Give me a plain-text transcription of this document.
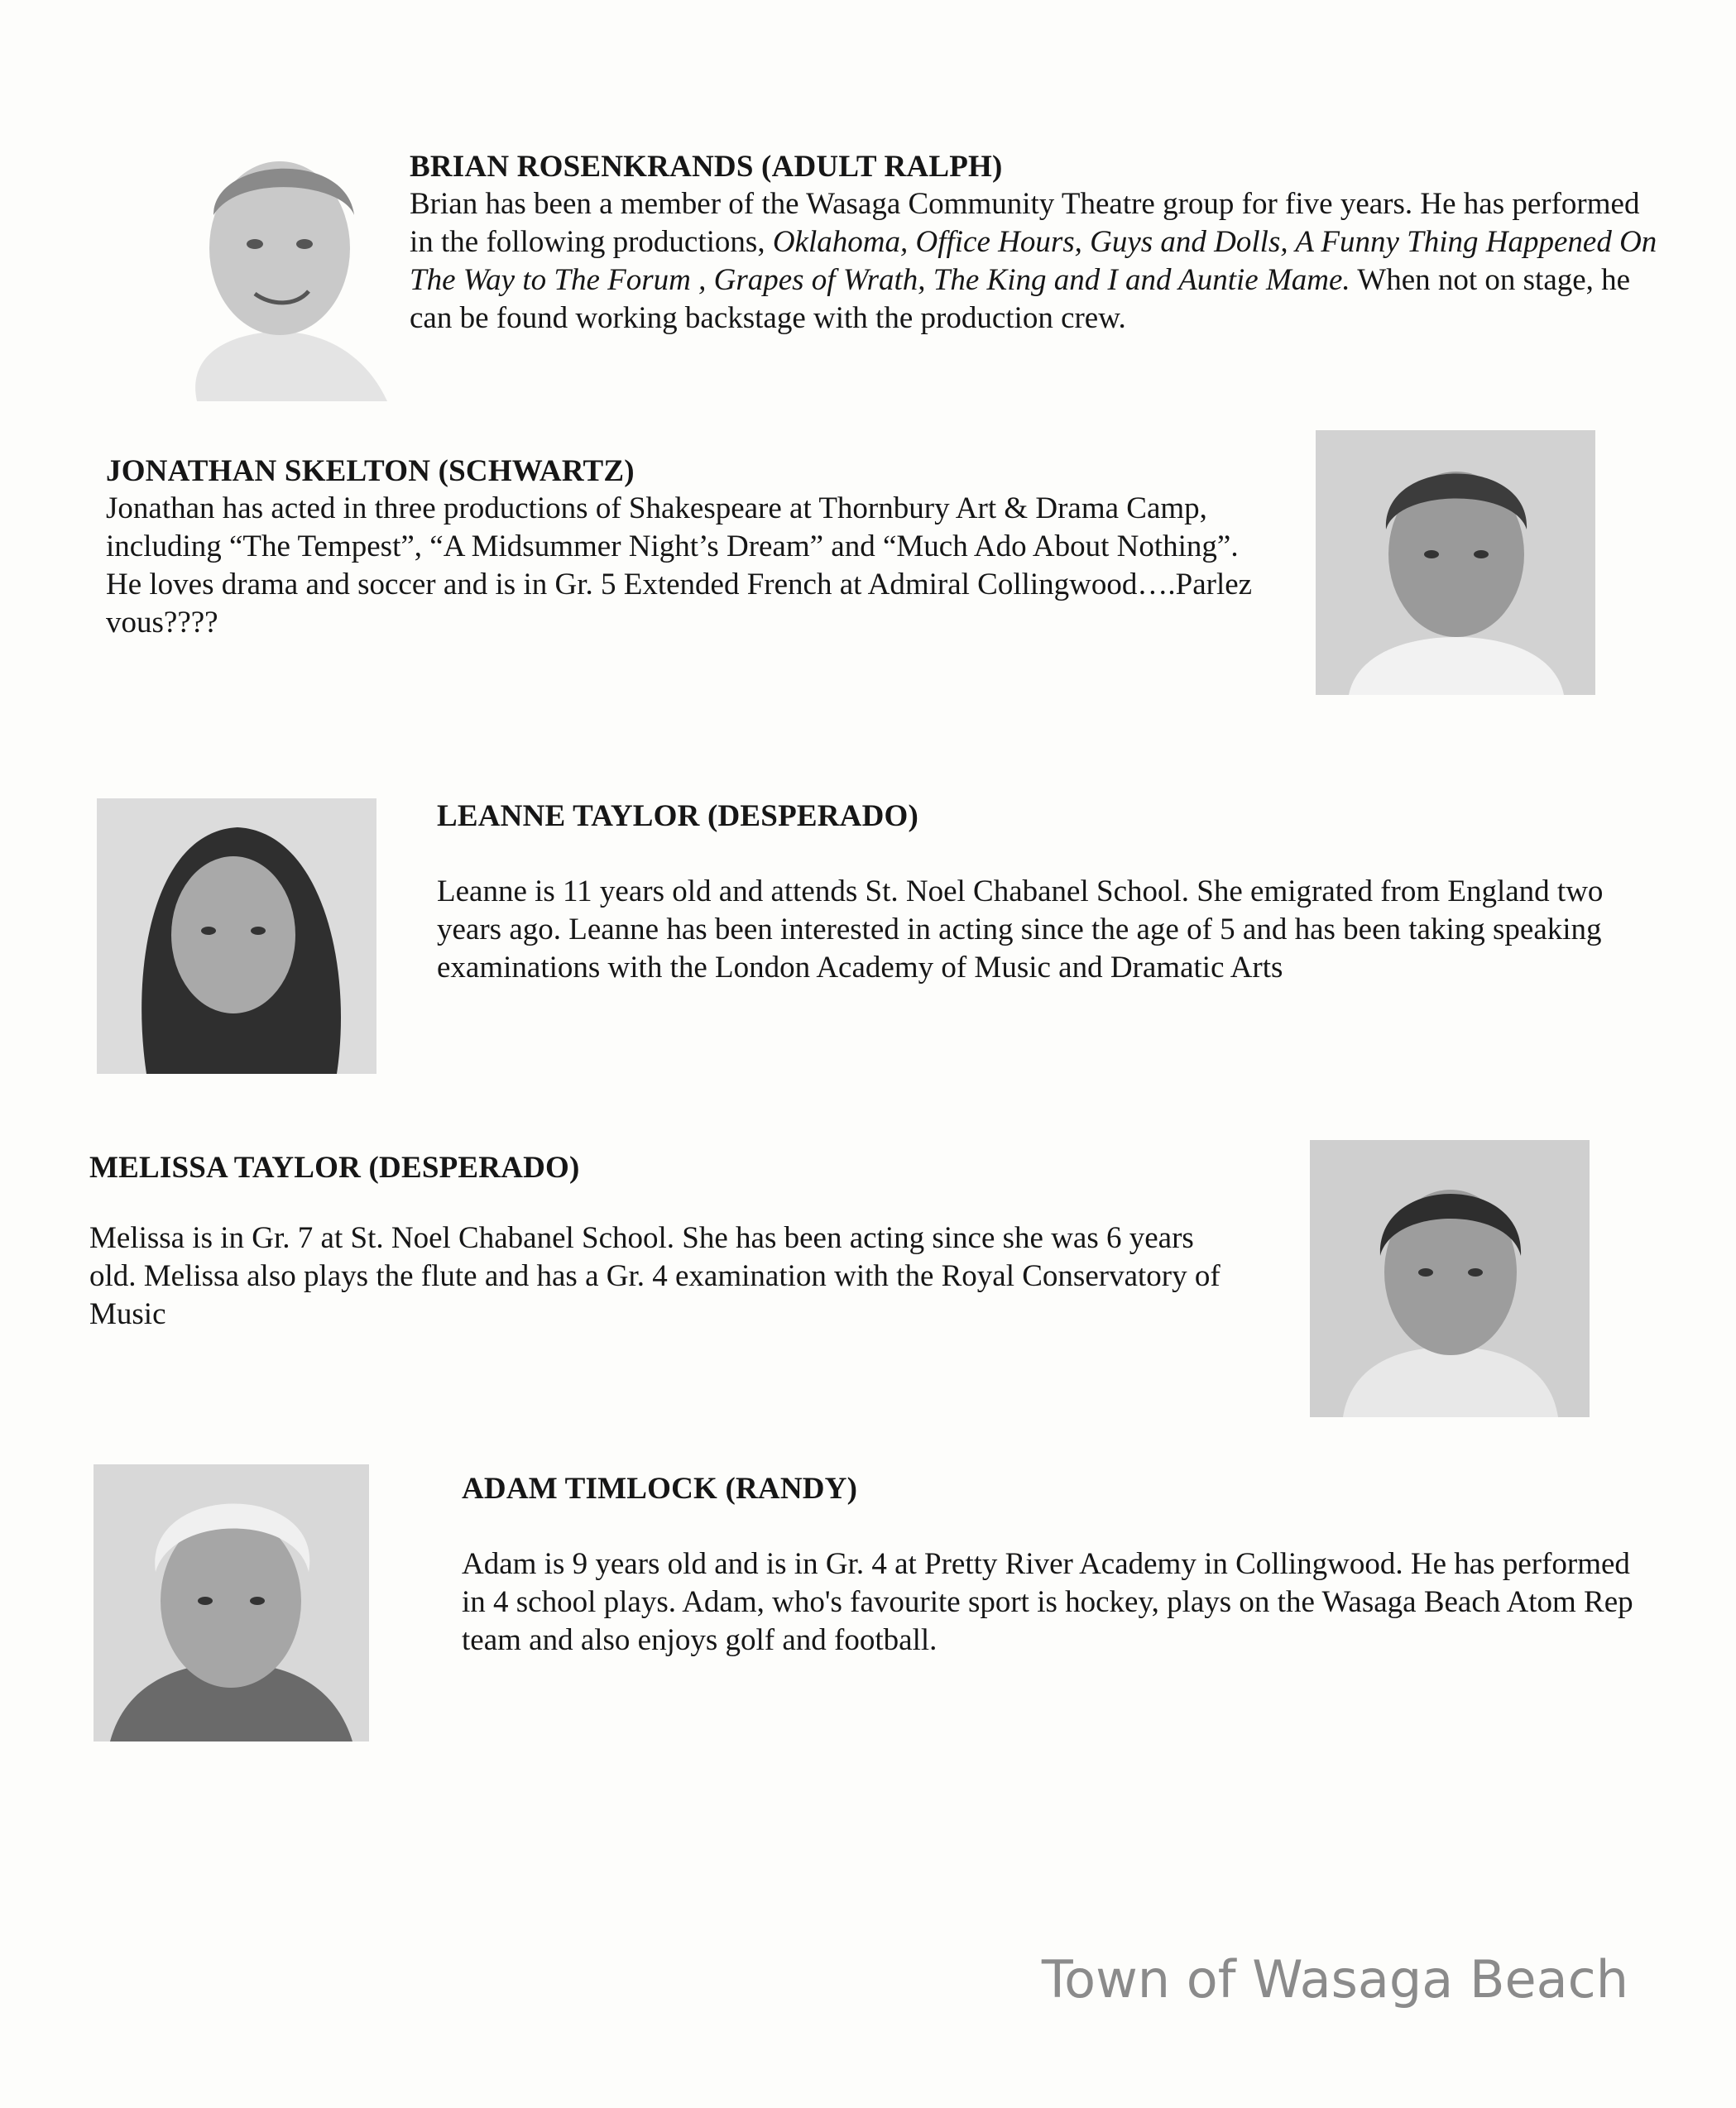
BRIAN ROSENKRANDS (ADULT RALPH)
Brian has been a member of the Wasaga Community Theatre group for five years. He has performed in the following productions, Oklahoma, Office Hours, Guys and Dolls, A Funny Thing Happened On The Way to The Forum , Grapes of Wrath, The King and I and Auntie Mame. When not on stage, he can be found working backstage with the production crew.
JONATHAN SKELTON (SCHWARTZ)
Jonathan has acted in three productions of Shakespeare at Thornbury Art & Drama Camp, including “The Tempest”, “A Midsummer Night’s Dream” and “Much Ado About Nothing”. He loves drama and soccer and is in Gr. 5 Extended French at Admiral Collingwood….Parlez vous????
LEANNE TAYLOR (DESPERADO)
Leanne is 11 years old and attends St. Noel Chabanel School. She emigrated from England two years ago. Leanne has been interested in acting since the age of 5 and has been taking speaking examinations with the London Academy of Music and Dramatic Arts
MELISSA TAYLOR (DESPERADO)
Melissa is in Gr. 7 at St. Noel Chabanel School. She has been acting since she was 6 years old. Melissa also plays the flute and has a Gr. 4 examination with the Royal Conservatory of Music
ADAM TIMLOCK (RANDY)
Adam is 9 years old and is in Gr. 4 at Pretty River Academy in Collingwood. He has performed in 4 school plays. Adam, who's favourite sport is hockey, plays on the Wasaga Beach Atom Rep team and also enjoys golf and football.
Town of Wasaga Beach
